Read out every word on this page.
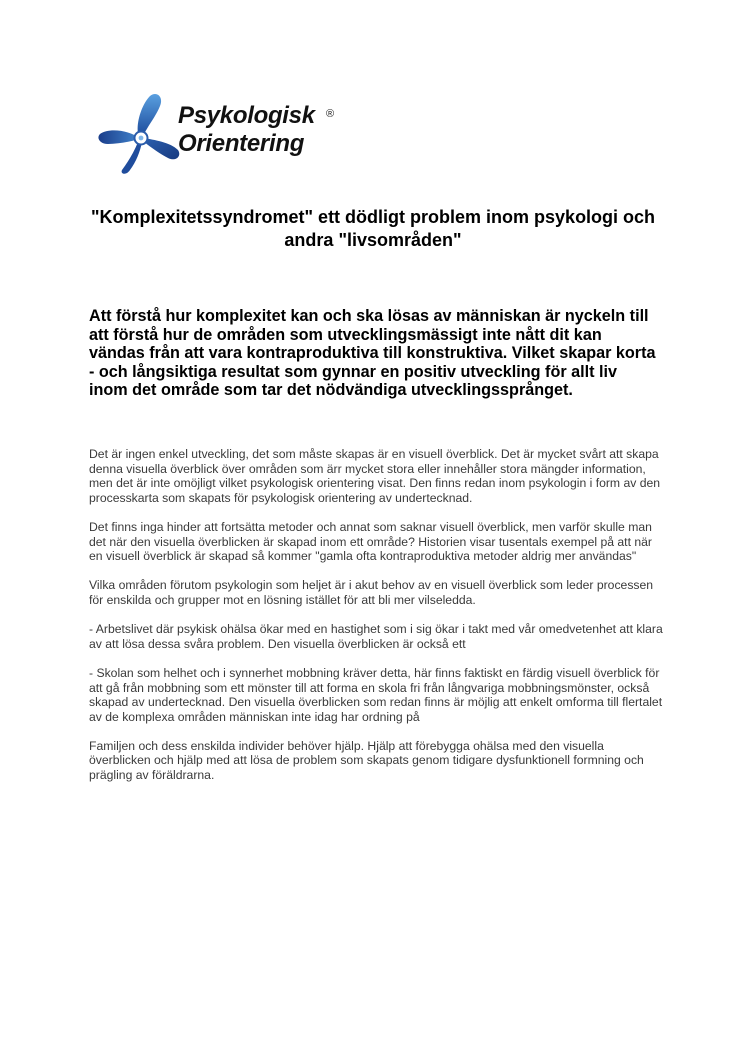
Psykologisk
Orientering
®
"Komplexitetssyndromet" ett dödligt problem inom psykologi och andra "livsområden"

Att förstå hur komplexitet kan och ska lösas av människan är nyckeln till att förstå hur de områden som utvecklingsmässigt inte nått dit kan vändas från att vara kontraproduktiva till konstruktiva. Vilket skapar korta - och långsiktiga resultat som gynnar en positiv utveckling för allt liv inom det område som tar det nödvändiga utvecklingssprånget.

Det är ingen enkel utveckling, det som måste skapas är en visuell överblick. Det är mycket svårt att skapa denna visuella överblick över områden som ärr mycket stora eller innehåller stora mängder information, men det är inte omöjligt vilket psykologisk orientering visat. Den finns redan inom psykologin i form av den processkarta som skapats för psykologisk orientering av undertecknad.

Det finns inga hinder att fortsätta metoder och annat som saknar visuell överblick, men varför skulle man det när den visuella överblicken är skapad inom ett område? Historien visar tusentals exempel på att när en visuell överblick är skapad så kommer "gamla ofta kontraproduktiva metoder aldrig mer användas"

Vilka områden förutom psykologin som heljet är i akut behov av en visuell överblick som leder processen för enskilda och grupper mot en lösning istället för att bli mer vilseledda.

- Arbetslivet där psykisk ohälsa ökar med en hastighet som i sig ökar i takt med vår omedvetenhet att klara av att lösa dessa svåra problem. Den visuella överblicken är också ett

- Skolan som helhet och i synnerhet mobbning kräver detta, här finns faktiskt en färdig visuell överblick för att gå från mobbning som ett mönster till att forma en skola fri från långvariga mobbningsmönster, också skapad av undertecknad. Den visuella överblicken som redan finns är möjlig att enkelt omforma till flertalet av de komplexa områden människan inte idag har ordning på

Familjen och dess enskilda individer behöver hjälp. Hjälp att förebygga ohälsa med den visuella överblicken och hjälp med att lösa de problem som skapats genom tidigare dysfunktionell formning och prägling av föräldrarna.
